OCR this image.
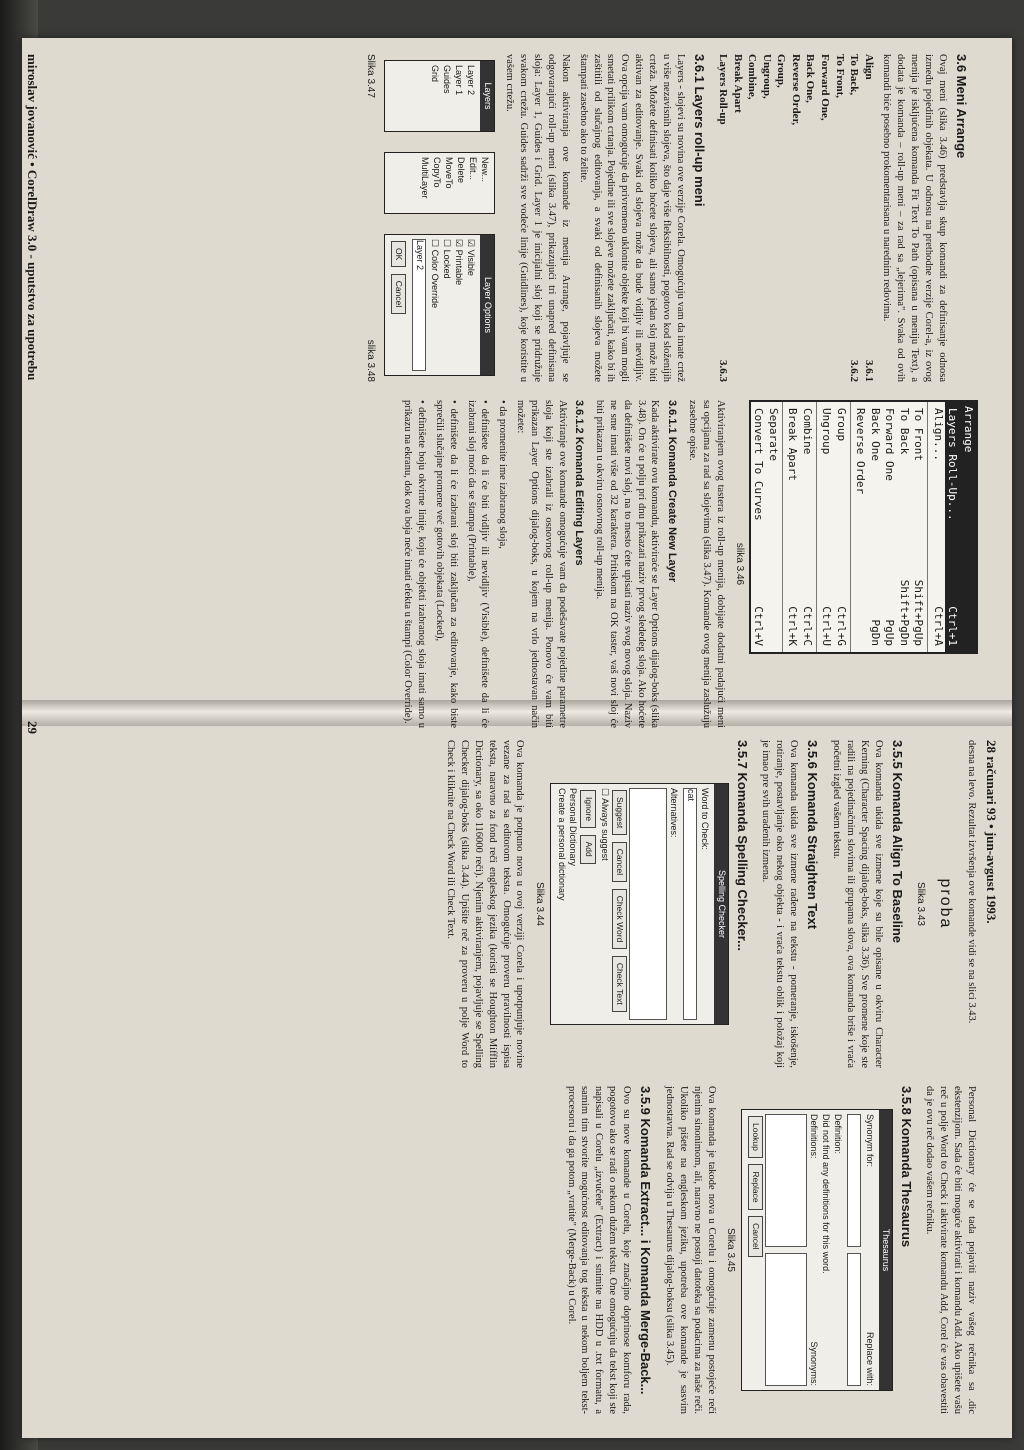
3.6 Meni Arrange

Ovaj meni (slika 3.46) predstavlja skup komandi za definisanje odnosa između pojedinih objekata. U odnosu na prethodne verzije Corel-a, iz ovog menija je iskljućena komanda Fit Text To Path (opisana u meniju Text), a dodata je komanda – roll-up meni – za rad sa „lejerima". Svaka od ovih komandi biće posebno prokomentarisana u narednim redovima.

Align
3.6.1
To Back,
3.6.2
To Front,
Forward One,
Back One,
Reverse Order,
Group,
Ungroup,
Combine,
Break Apart
Layers Roll-up
3.6.3
3.6.1 Layers roll-up meni

Layers - slojevi su novina ove verzije Corela. Omogućuju vam da imate crtež u više nezavisnih slojeva, što daje više fleksibilnosti, pogotovo kod složenijih crteža. Možete definisati koliko hoćete slojeva, ali samo jedan sloj može biti aktivan za editovanje. Svaki od slojeva može da bude vidljiv ili nevidljiv. Ova opcija vam omogućuje da privremeno uklonite objekte koji bi vam mogli smetati prilikom crtanja. Pojedine ili sve slojeve možete zaključati, kako bi ih zaštitili od slučajnog editovanja, a svaki od definisanih slojeva možete štampati zasebno ako to želite.

Nakon aktiviranja ove komande iz menija Arrange, pojavljuje se odgovarajući roll-up meni (slika 3.47), prikazujući tri unapred definisana sloja: Layer 1, Guides i Grid. Layer 1 je inicijalni sloj koji se pridružuje svakom crtežu. Guides sadrži sve vodeće linije (Guidlines), koje koristite u vašem crtežu.

Layers
Layer 2
Layer 1
Guides
Grid
New...
Edit...
Delete
MoveTo
CopyTo
MultiLayer
Layer Options
☑ Visible
☑ Printable
☐ Locked
☐ Color Override
Layer 2
OK Cancel
Slika 3.47
slika 3.48
Arrange
Layers Roll-Up...
Ctrl+1
Align...
Ctrl+A
To Front
Shift+PgUp
To Back
Shift+PgDn
Forward One
PgUp
Back One
PgDn
Reverse Order
Group
Ctrl+G
Ungroup
Ctrl+U
Combine
Ctrl+C
Break Apart
Ctrl+K
Separate
Convert To Curves
Ctrl+V
slika 3.46

Aktiviranjem ovog tastera iz roll-up menija, dobijate dodatni padajući meni sa opcijama za rad sa slojevima (slika 3.47). Komande ovog menija zaslužuju zasebne opise.

3.6.1.1 Komanda Create New Layer

Kada aktivirate ovu komandu, aktiviraće se Layer Options dijalog-boks (slika 3.48). On će u polju pri dnu prikazati naziv prvog slededeg sloja. Ako hoćete da definišete novi sloj, na to mesto ćete upisati naziv svog novog sloja. Naziv ne sme imati više od 32 karaktera. Pritiskom na OK taster, vaš novi sloj će biti prikazan u okviru osnovnog roll-up menija.

3.6.1.2 Komanda Editing Layers

Aktiviranje ove komande omogućuje vam da podešavate pojedine parametre sloja koji ste izabrali iz osnovnog roll-up menija. Ponovo će vam biti prikazan Layer Options dijalog-boks, u kojem na vrlo jednostavan način možete:

• da promenite ime izabranog sloja,

• definišete da li će biti vidljiv ili nevidljiv (Visible), definišete da li će izabrani sloj moći da se štampa (Printable),

• definišete da li će izabrani sloj biti zaključan za editovanje, kako biste sprečili slučajne promene već gotovih objekata (Locked),

• definišete boju okvirne linije, koju će objekti izabranog sloja imati samo u prikazu na ekranu, dok ova boja neće imati efekta u štampi (Color Override).

miroslav jovanović • CorelDraw 3.0 - uputstvo za upotrebu
29
28 računari 93 • jun-avgust 1993.

desna na levo. Rezultat izvršenja ove komande vidi se na slici 3.43.

proba
Slika 3.43
3.5.5 Komanda Align To Baseline

Ova komanda ukida sve izmene koje su bile opisane u okviru Character Kerning (Character Spacing dijalog-boks, slika 3.36). Sve promene koje ste radili na pojedinačnim slovima ili grupama slova, ova komanda briše i vraća početni izgled vašem tekstu.

3.5.6 Komanda Straighten Text

Ova komanda ukida sve izmene rađene na tekstu - pomeranje, iskošenje, rotiranje, postavljanje oko nekog objekta - i vraća tekstu oblik i položaj koji je imao pre svih urađenih izmena.

3.5.7 Komanda Spelling Checker...
Spelling Checker
Word to Check:
cat
Alternatives:
Suggest Cancel Check Word Check Text
☐ Always suggest
Ignore Add
Personal Dictionary
Create a personal dictionary
Slika 3.44

Ova komanda je potpuno nova u ovoj verziji Corela i upotpunjuje novine vezane za rad sa editorom teksta. Omogućuje proveru pravilnosti ispisa teksta, naravno za fond reči engleskog jezika (koristi se Houghton Mifflin Dictionary, sa oko 116000 reči). Njenim aktiviranjem, pojavljuje se Spelling Checker dijalog-boks (slika 3.44). Upišite reč za proveru u polje Word to Check i kliknite na Check Word ili Check Text.

Personal Dictionary će se tada pojaviti naziv vašeg rečnika sa .dic ekstenzijom. Sada će biti moguće aktivirati i komandu Add. Ako upišete vašu reč u polje Word to Check i aktivirate komandu Add, Corel će vas obavestiti da je ovu reč dodao vašem rečniku.

3.5.8 Komanda Thesaurus
Thesaurus
Synonym for:
Replace with:
Definition:
Did not find any definitions for this word.
Definitions:
Synonyms:
Lookup Replace Cancel
Slika 3.45

Ova komanda je takode nova u Corelu i omogućuje zamenu postojeće reči njenim sinonimom, ali, naravno ne postoji datoteka sa podacima za naše reči. Ukoliko pišete na engleskom jeziku, upotreba ove komande je sasvim jednostavna. Rad se odvija u Thesaurus dijalog-boksu (slika 3.45).

3.5.9 Komanda Extract... i Komanda Merge-Back...

Ovo su nove komande u Corelu, koje značajno doprinose komforu rada, pogotovo ako se radi o nekom dužem tekstu. One omogućuju da tekst koji ste napisali u Corelu „izvučete" (Extract) i snimite na HDD u .txt formatu, a samim tim stvorite mogućnost editovanja tog teksta u nekom boljem tekst-procesoru i da ga potom „vratite" (Merge-Back) u Corel.
